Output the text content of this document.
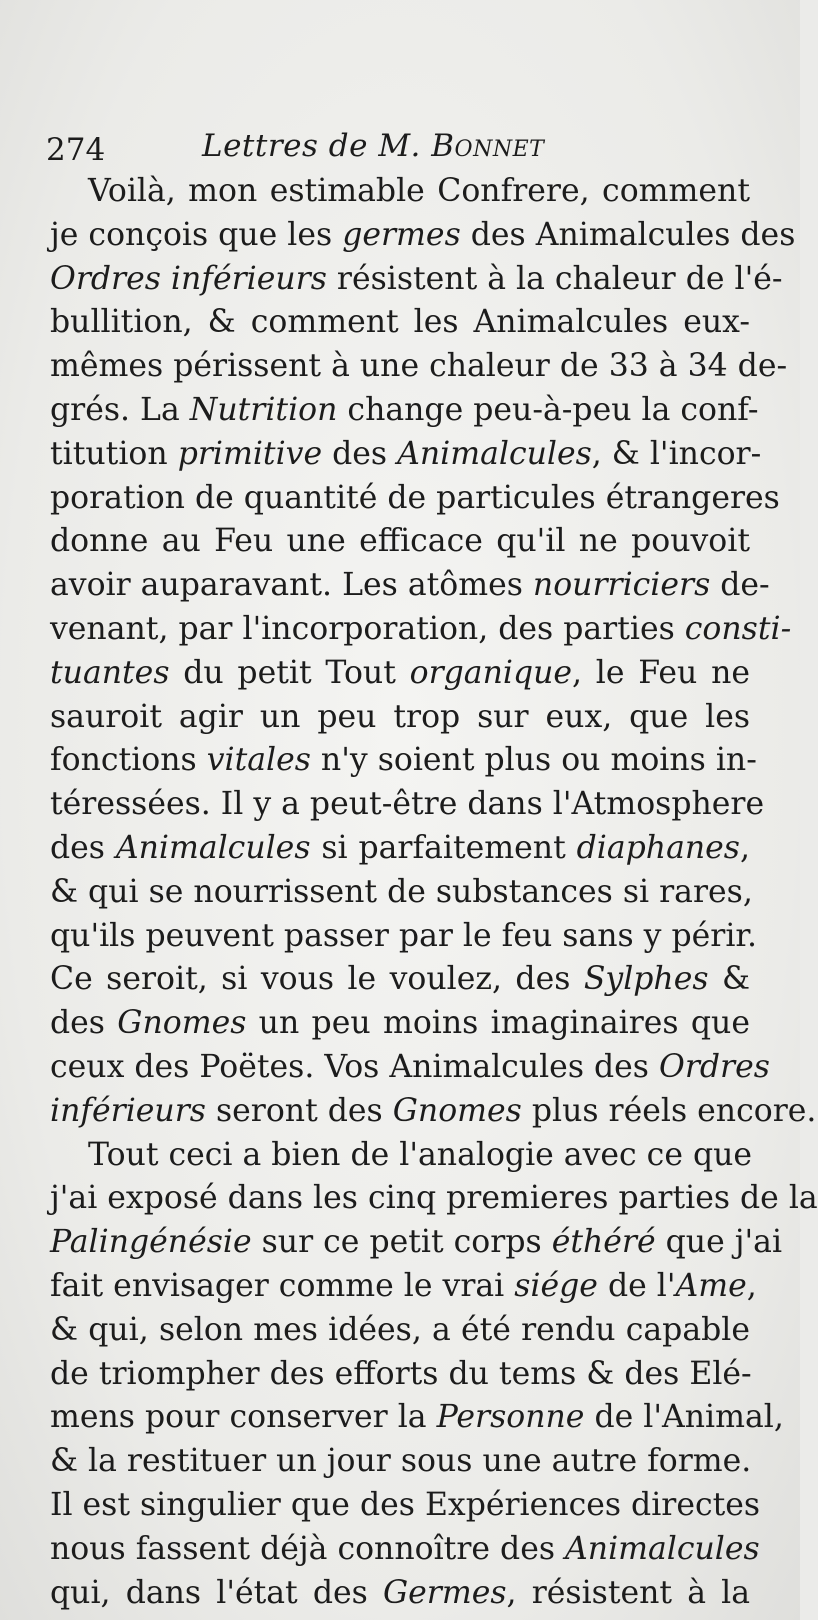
274	Lettres de M. Bonnet
Voilà, mon estimable Confrere, comment
je conçois que les germes des Animalcules des
Ordres inférieurs résistent à la chaleur de l'é-
bullition, & comment les Animalcules eux-
mêmes périssent à une chaleur de 33 à 34 de-
grés. La Nutrition change peu-à-peu la conf-
titution primitive des Animalcules, & l'incor-
poration de quantité de particules étrangeres
donne au Feu une efficace qu'il ne pouvoit
avoir auparavant. Les atômes nourriciers de-
venant, par l'incorporation, des parties consti-
tuantes du petit Tout organique, le Feu ne
sauroit agir un peu trop sur eux, que les
fonctions vitales n'y soient plus ou moins in-
téressées. Il y a peut-être dans l'Atmosphere
des Animalcules si parfaitement diaphanes,
& qui se nourrissent de substances si rares,
qu'ils peuvent passer par le feu sans y périr.
Ce seroit, si vous le voulez, des Sylphes &
des Gnomes un peu moins imaginaires que
ceux des Poëtes. Vos Animalcules des Ordres
inférieurs seront des Gnomes plus réels encore.
Tout ceci a bien de l'analogie avec ce que
j'ai exposé dans les cinq premieres parties de la
Palingénésie sur ce petit corps éthéré que j'ai
fait envisager comme le vrai siége de l'Ame,
& qui, selon mes idées, a été rendu capable
de triompher des efforts du tems & des Elé-
mens pour conserver la Personne de l'Animal,
& la restituer un jour sous une autre forme.
Il est singulier que des Expériences directes
nous fassent déjà connoître des Animalcules
qui, dans l'état des Germes, résistent à la
